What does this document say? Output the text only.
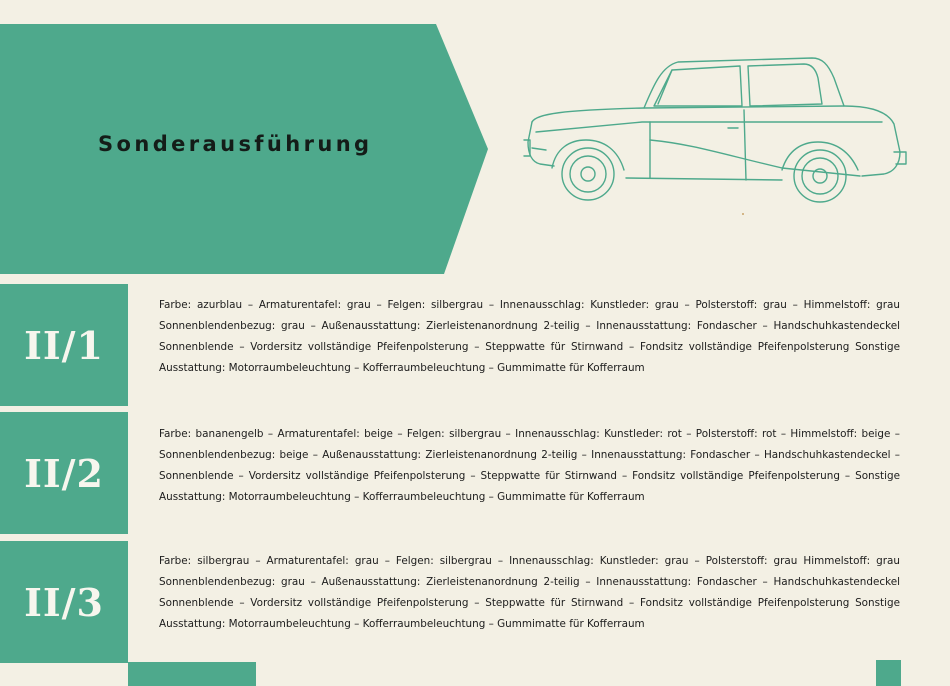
Sonderausführung
II/1
Farbe: azurblau – Armaturentafel: grau – Felgen: silbergrau – Innenausschlag: Kunstleder: grau – Polsterstoff: grau – Himmelstoff: grau Sonnenblendenbezug: grau – Außenausstattung: Zierleistenanordnung 2-teilig – Innenausstattung: Fondascher – Handschuhkastendeckel Sonnenblende – Vordersitz vollständige Pfeifenpolsterung – Steppwatte für Stirnwand – Fondsitz vollständige Pfeifenpolsterung Sonstige Ausstattung: Motorraumbeleuchtung – Kofferraumbeleuchtung – Gummimatte für Kofferraum
II/2
Farbe: bananengelb – Armaturentafel: beige – Felgen: silbergrau – Innenausschlag: Kunstleder: rot – Polsterstoff: rot – Himmelstoff: beige – Sonnenblendenbezug: beige – Außenausstattung: Zierleistenanordnung 2-teilig – Innenausstattung: Fondascher – Handschuhkastendeckel – Sonnenblende – Vordersitz vollständige Pfeifenpolsterung – Steppwatte für Stirnwand – Fondsitz vollständige Pfeifenpolsterung – Sonstige Ausstattung: Motorraumbeleuchtung – Kofferraumbeleuchtung – Gummimatte für Kofferraum
II/3
Farbe: silbergrau – Armaturentafel: grau – Felgen: silbergrau – Innenausschlag: Kunstleder: grau – Polsterstoff: grau Himmelstoff: grau Sonnenblendenbezug: grau – Außenausstattung: Zierleistenanordnung 2-teilig – Innenausstattung: Fondascher – Handschuhkastendeckel Sonnenblende – Vordersitz vollständige Pfeifenpolsterung – Steppwatte für Stirnwand – Fondsitz vollständige Pfeifenpolsterung Sonstige Ausstattung: Motorraumbeleuchtung – Kofferraumbeleuchtung – Gummimatte für Kofferraum
